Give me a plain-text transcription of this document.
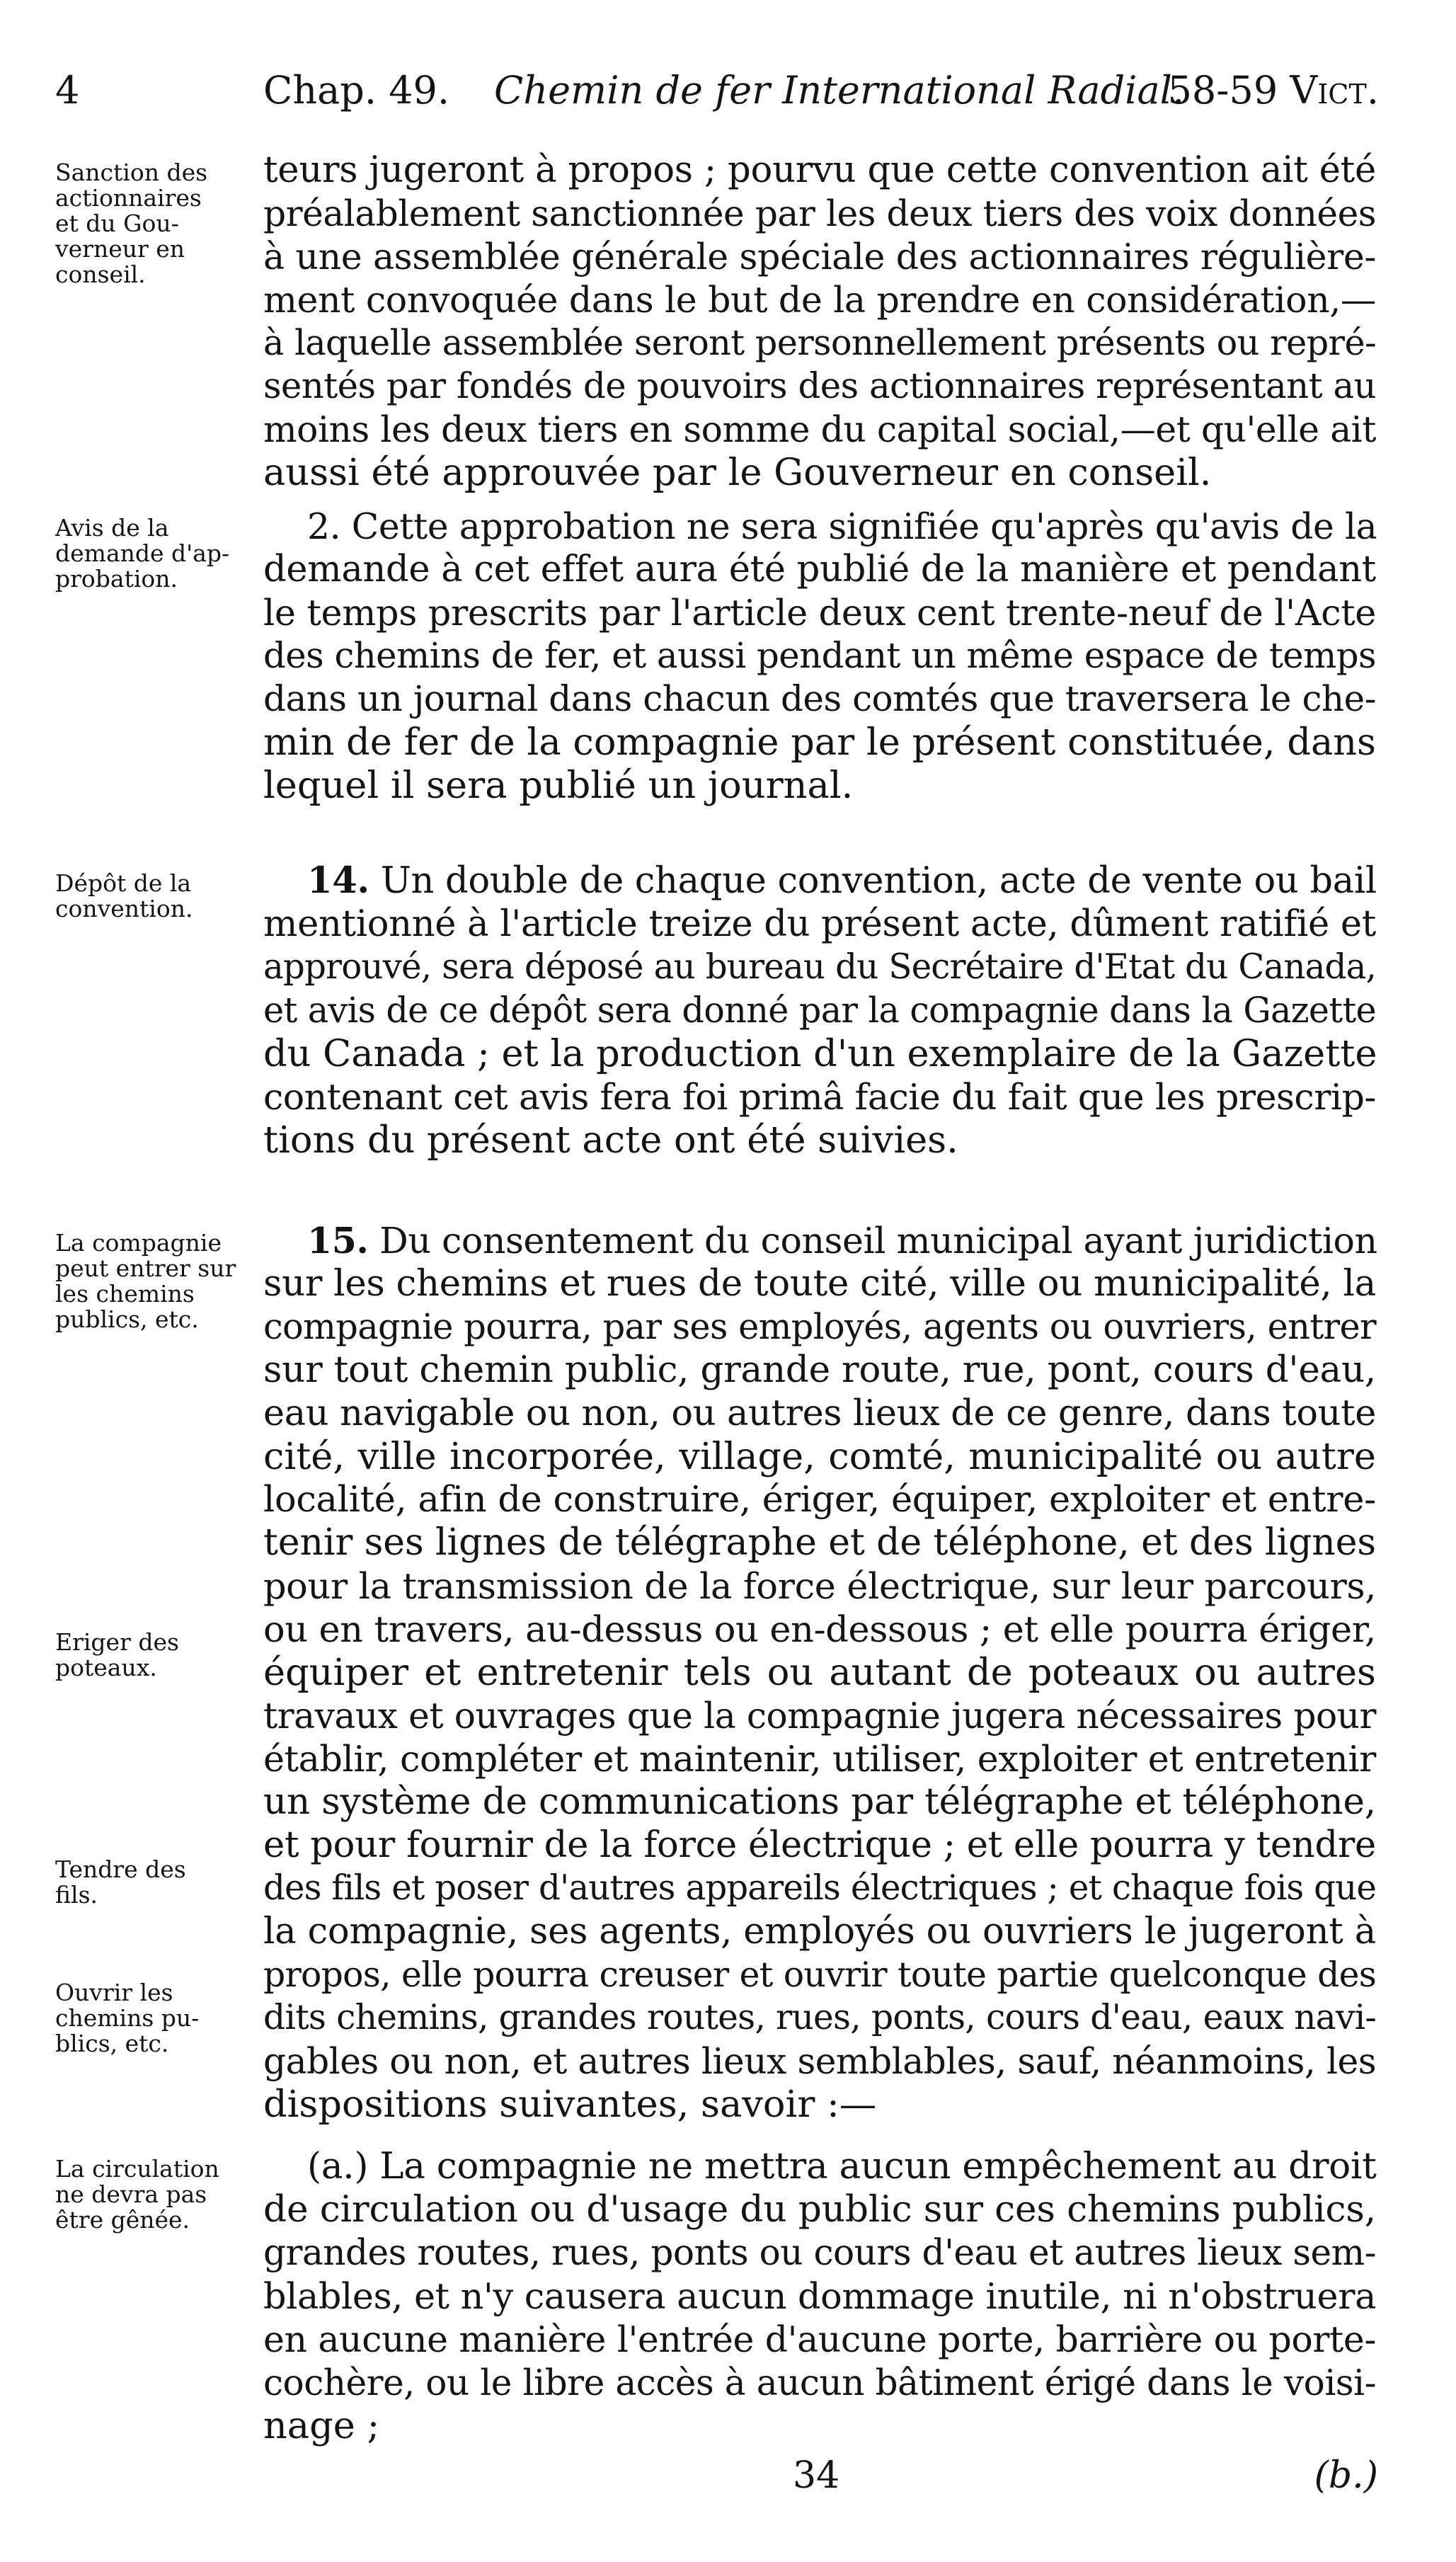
4	Chap. 49. Chemin de fer International Radial.
58-59 Vict.
Sanction des
actionnaires
et du Gou-
verneur en
conseil.
Avis de la
demande d'ap-
probation.
Dépôt de la
convention.
La compagnie
peut entrer sur
les chemins
publics, etc.
Eriger des
poteaux.
Tendre des
fils.
Ouvrir les
chemins pu-
blics, etc.
La circulation
ne devra pas
être gênée.
teurs jugeront à propos ; pourvu que cette convention ait été
préalablement sanctionnée par les deux tiers des voix données
à une assemblée générale spéciale des actionnaires régulière-
ment convoquée dans le but de la prendre en considération,—
à laquelle assemblée seront personnellement présents ou repré-
sentés par fondés de pouvoirs des actionnaires représentant au
moins les deux tiers en somme du capital social,—et qu'elle ait
aussi été approuvée par le Gouverneur en conseil.
2. Cette approbation ne sera signifiée qu'après qu'avis de la
demande à cet effet aura été publié de la manière et pendant
le temps prescrits par l'article deux cent trente-neuf de l'Acte
des chemins de fer, et aussi pendant un même espace de temps
dans un journal dans chacun des comtés que traversera le che-
min de fer de la compagnie par le présent constituée, dans
lequel il sera publié un journal.
14. Un double de chaque convention, acte de vente ou bail
mentionné à l'article treize du présent acte, dûment ratifié et
approuvé, sera déposé au bureau du Secrétaire d'Etat du Canada,
et avis de ce dépôt sera donné par la compagnie dans la Gazette
du Canada ; et la production d'un exemplaire de la Gazette
contenant cet avis fera foi primâ facie du fait que les prescrip-
tions du présent acte ont été suivies.
15. Du consentement du conseil municipal ayant juridiction
sur les chemins et rues de toute cité, ville ou municipalité, la
compagnie pourra, par ses employés, agents ou ouvriers, entrer
sur tout chemin public, grande route, rue, pont, cours d'eau,
eau navigable ou non, ou autres lieux de ce genre, dans toute
cité, ville incorporée, village, comté, municipalité ou autre
localité, afin de construire, ériger, équiper, exploiter et entre-
tenir ses lignes de télégraphe et de téléphone, et des lignes
pour la transmission de la force électrique, sur leur parcours,
ou en travers, au-dessus ou en-dessous ; et elle pourra ériger,
équiper et entretenir tels ou autant de poteaux ou autres
travaux et ouvrages que la compagnie jugera nécessaires pour
établir, compléter et maintenir, utiliser, exploiter et entretenir
un système de communications par télégraphe et téléphone,
et pour fournir de la force électrique ; et elle pourra y tendre
des fils et poser d'autres appareils électriques ; et chaque fois que
la compagnie, ses agents, employés ou ouvriers le jugeront à
propos, elle pourra creuser et ouvrir toute partie quelconque des
dits chemins, grandes routes, rues, ponts, cours d'eau, eaux navi-
gables ou non, et autres lieux semblables, sauf, néanmoins, les
dispositions suivantes, savoir :—
(a.) La compagnie ne mettra aucun empêchement au droit
de circulation ou d'usage du public sur ces chemins publics,
grandes routes, rues, ponts ou cours d'eau et autres lieux sem-
blables, et n'y causera aucun dommage inutile, ni n'obstruera
en aucune manière l'entrée d'aucune porte, barrière ou porte-
cochère, ou le libre accès à aucun bâtiment érigé dans le voisi-
nage ;
34	(b.)
